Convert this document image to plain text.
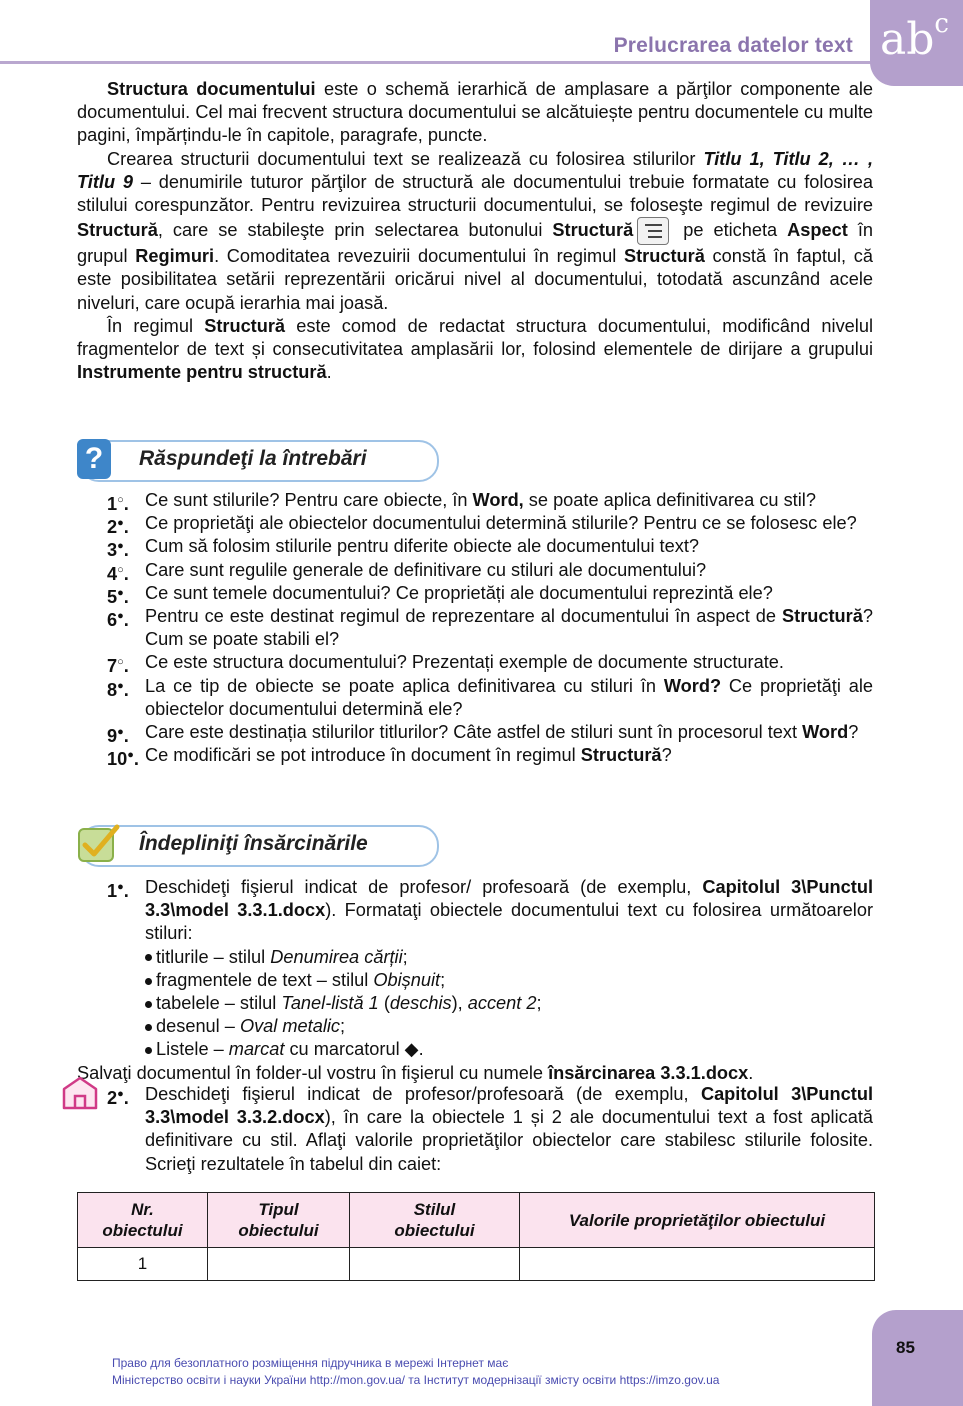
Prelucrarea datelor text $ab^c$

Structura documentului este o schemă ierarhică de amplasare a părţilor componente ale documentului. Cel mai frecvent structura documentului se alcătuiește pentru documentele cu multe pagini, împărțindu-le în capitole, paragrafe, puncte.

Crearea structurii documentului text se realizează cu folosirea stilurilor Titlu 1, Titlu 2, … , Titlu 9 – denumirile tuturor părţilor de structură ale documentului trebuie formatate cu folosirea stilului corespunzător. Pentru revizuirea structurii documentului, se foloseşte regimul de revizuire Structură, care se stabileşte prin selectarea butonului Structură
pe eticheta Aspect în grupul Regimuri. Comoditatea revezuirii documentului în regimul Structură constă în faptul, că este posibilitatea setării reprezentării oricărui nivel al documentului, totodată ascunzând acele niveluri, care ocupă ierarhia mai joasă.

În regimul Structură este comod de redactat structura documentului, modificând nivelul fragmentelor de text și consecutivitatea amplasării lor, folosind elementele de dirijare a grupului Instrumente pentru structură.

?	Răspundeţi la întrebări
1○. Ce sunt stilurile? Pentru care obiecte, în Word, se poate aplica definitivarea cu stil?
2●. Ce proprietăţi ale obiectelor documentului determină stilurile? Pentru ce se folosesc ele?
3●. Cum să folosim stilurile pentru diferite obiecte ale documentului text?
4○. Care sunt regulile generale de definitivare cu stiluri ale documentului?
5●. Ce sunt temele documentului? Ce proprietăți ale documentului reprezintă ele?
6●. Pentru ce este destinat regimul de reprezentare al documentului în aspect de Structură? Cum se poate stabili el?
7○. Ce este structura documentului? Prezentați exemple de documente structurate.
8●. La ce tip de obiecte se poate aplica definitivarea cu stiluri în Word? Ce proprietăţi ale obiectelor documentului determină ele?
9●. Care este destinația stilurilor titlurilor? Câte astfel de stiluri sunt în procesorul text Word?
10●. Ce modificări se pot introduce în document în regimul Structură?
Îndepliniţi însărcinările
1●. Deschideţi fişierul indicat de profesor/ profesoară (de exemplu, Capitolul 3\Punctul 3.3\model 3.3.1.docx). Formataţi obiectele documentului text cu folosirea următoarelor stiluri:
titlurile – stilul Denumirea cărții;
fragmentele de text – stilul Obișnuit;
tabelele – stilul Tanel-listă 1 (deschis), accent 2;
desenul – Oval metalic;
Listele – marcat cu marcatorul ◆.
Salvaţi documentul în folder-ul vostru în fişierul cu numele însărcinarea 3.3.1.docx.
2●. Deschideţi fişierul indicat de profesor/profesoară (de exemplu, Capitolul 3\Punctul 3.3\model 3.3.2.docx), în care la obiectele 1 și 2 ale documentului text a fost aplicată definitivare cu stil. Aflaţi valorile proprietăţilor obiectelor care stabilesc stilurile folosite. Scrieţi rezultatele în tabelul din caiet:
Nr. obiectului	Tipul obiectului	Stilul obiectului	Valorile proprietăţilor obiectului
1			
85
Право для безоплатного розміщення підручника в мережі Інтернет має
Міністерство освіти і науки України http://mon.gov.ua/ та Інститут модернізації змісту освіти https://imzo.gov.ua
